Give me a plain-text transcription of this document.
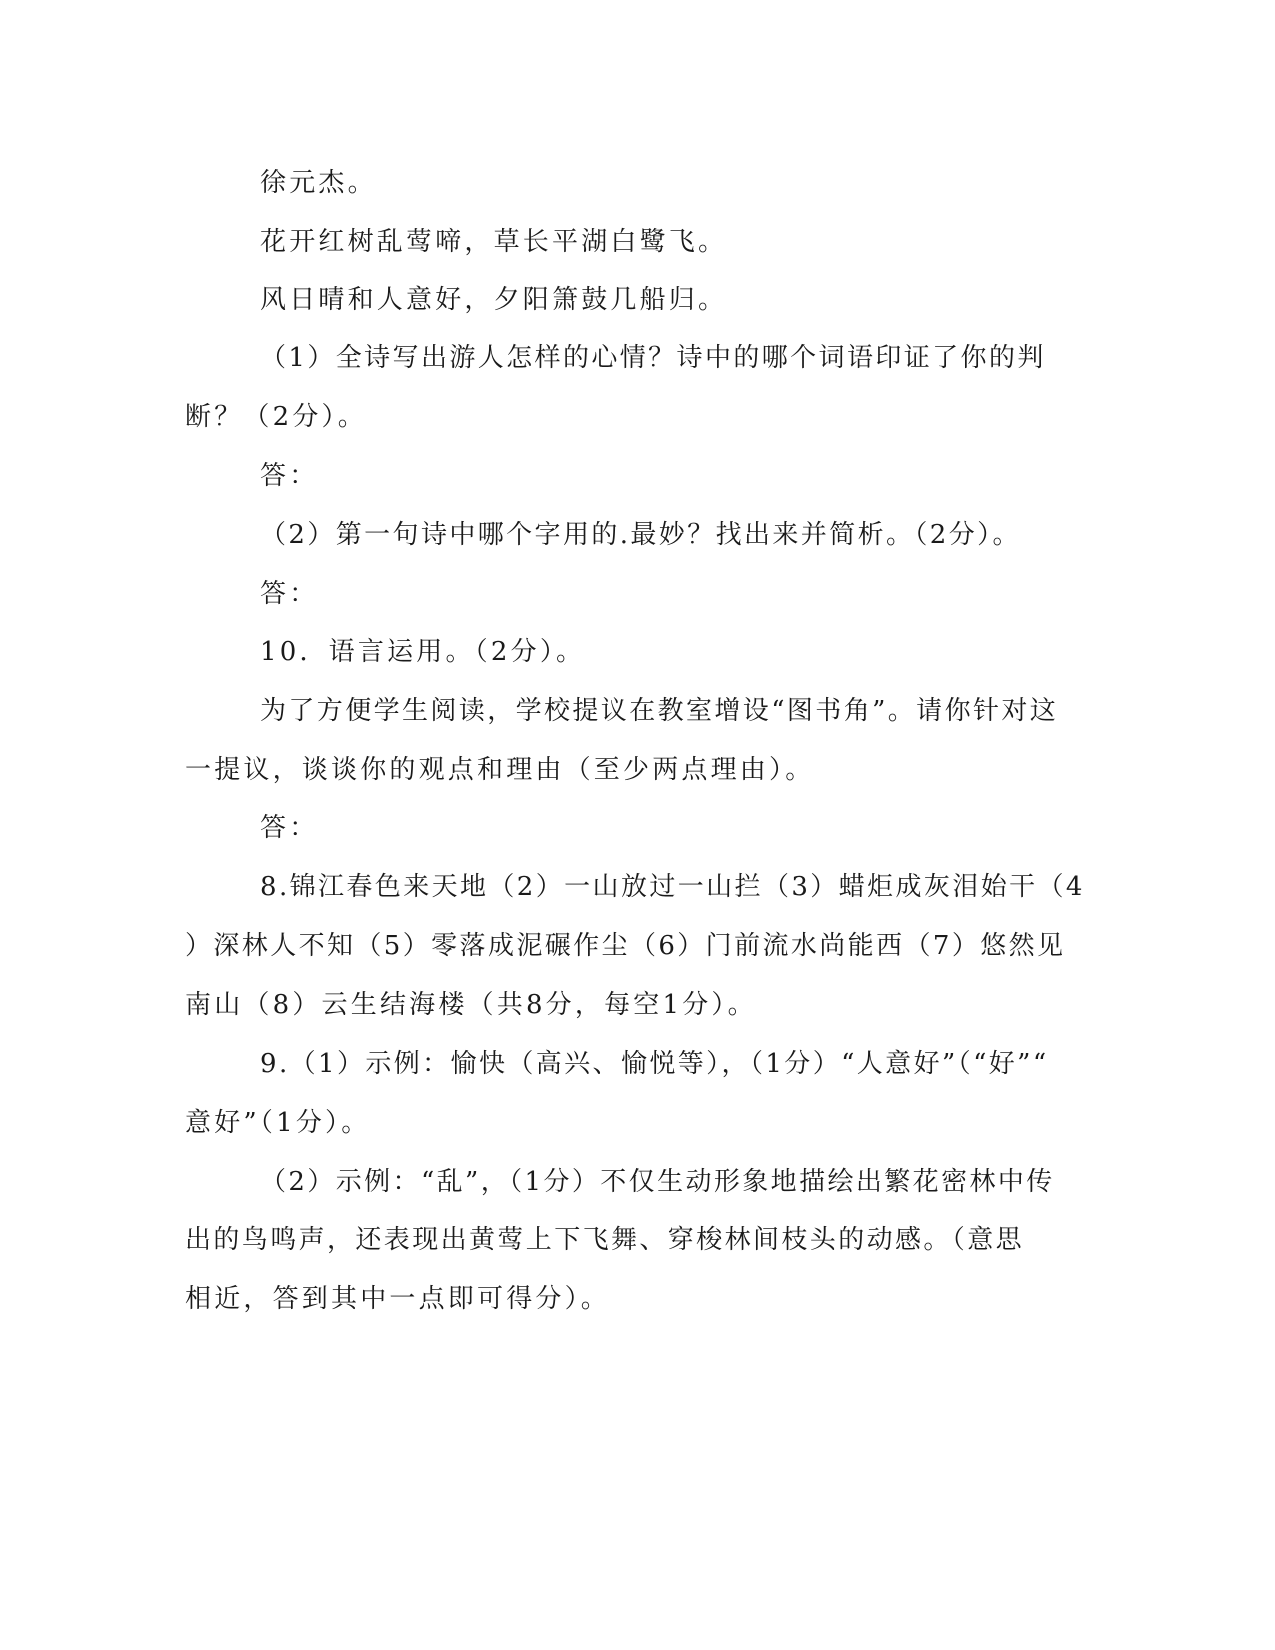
徐元杰。
花开红树乱莺啼，草长平湖白鹭飞。
风日晴和人意好，夕阳箫鼓几船归。
（1）全诗写出游人怎样的心情？诗中的哪个词语印证了你的判
断？（2分）。
答：
（2）第一句诗中哪个字用的.最妙？找出来并简析。（2分）。
答：
10．语言运用。（2分）。
为了方便学生阅读，学校提议在教室增设“图书角”。请你针对这
一提议，谈谈你的观点和理由（至少两点理由）。
答：
8.锦江春色来天地（2）一山放过一山拦（3）蜡炬成灰泪始干（4
）深林人不知（5）零落成泥碾作尘（6）门前流水尚能西（7）悠然见
南山（8）云生结海楼（共8分，每空1分）。
9.（1）示例：愉快（高兴、愉悦等），（1分）“人意好”（“好”“
意好”（1分）。
（2）示例：“乱”，（1分）不仅生动形象地描绘出繁花密林中传
出的鸟鸣声，还表现出黄莺上下飞舞、穿梭林间枝头的动感。（意思
相近，答到其中一点即可得分）。
